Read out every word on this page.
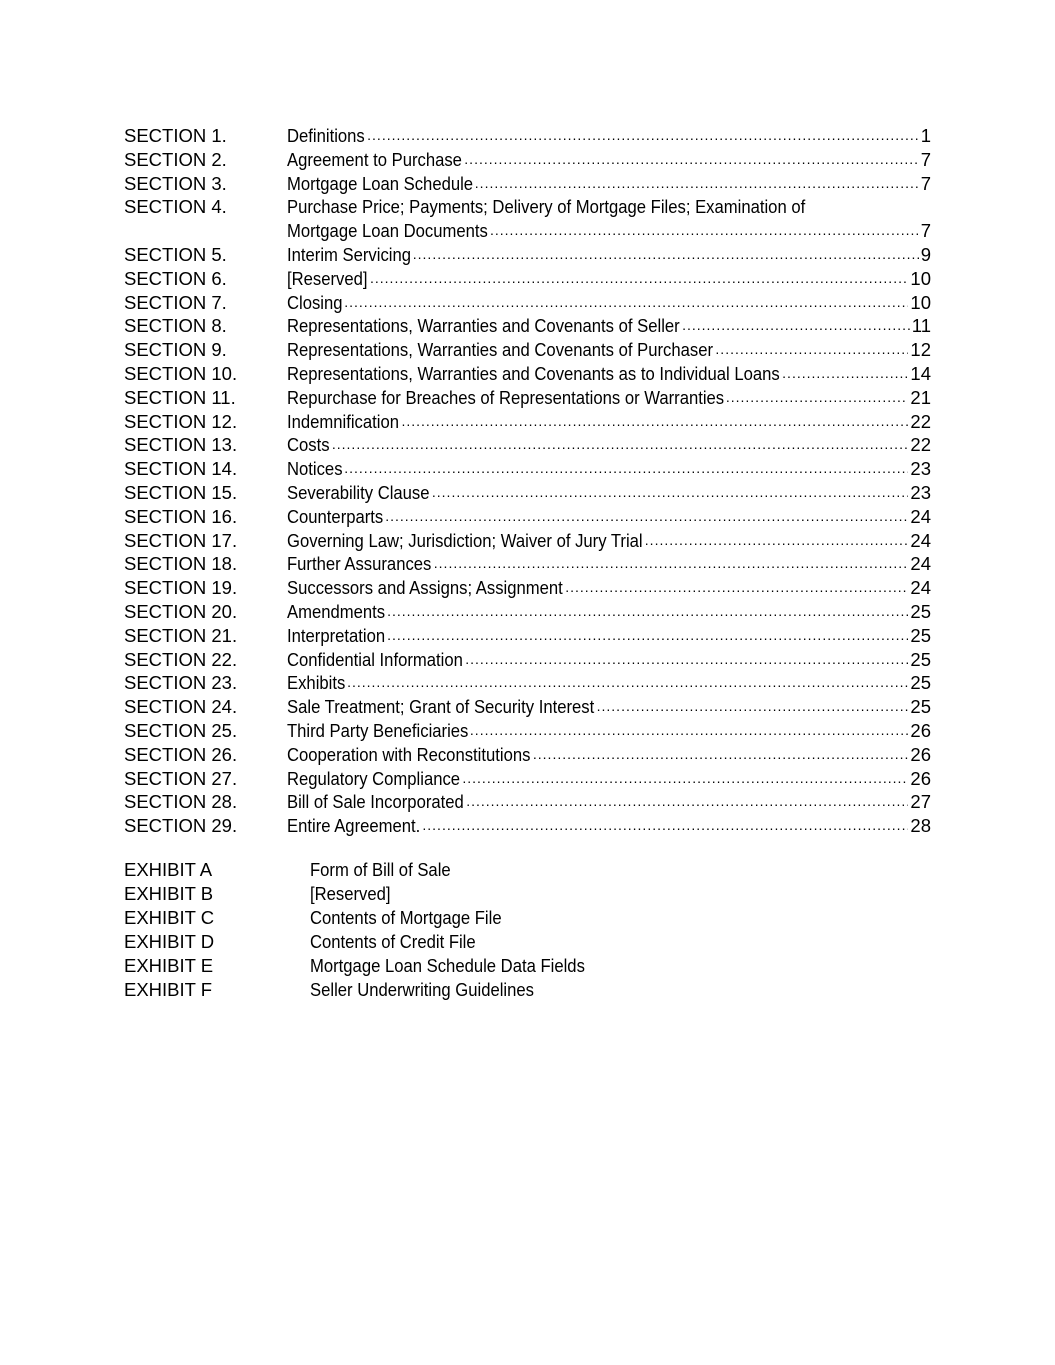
SECTION 1.	Definitions .....	1
SECTION 2.	Agreement to Purchase .....	7
SECTION 3.	Mortgage Loan Schedule .....	7
SECTION 4.	Purchase Price; Payments; Delivery of Mortgage Files; Examination of
Mortgage Loan Documents .....	7
SECTION 5.	Interim Servicing .....	9
SECTION 6.	[Reserved] .....	10
SECTION 7.	Closing .....	10
SECTION 8.	Representations, Warranties and Covenants of Seller .....	11
SECTION 9.	Representations, Warranties and Covenants of Purchaser .....	12
SECTION 10.	Representations, Warranties and Covenants as to Individual Loans .....	14
SECTION 11.	Repurchase for Breaches of Representations or Warranties .....	21
SECTION 12.	Indemnification .....	22
SECTION 13.	Costs .....	22
SECTION 14.	Notices .....	23
SECTION 15.	Severability Clause .....	23
SECTION 16.	Counterparts .....	24
SECTION 17.	Governing Law; Jurisdiction; Waiver of Jury Trial .....	24
SECTION 18.	Further Assurances .....	24
SECTION 19.	Successors and Assigns; Assignment .....	24
SECTION 20.	Amendments .....	25
SECTION 21.	Interpretation .....	25
SECTION 22.	Confidential Information .....	25
SECTION 23.	Exhibits .....	25
SECTION 24.	Sale Treatment; Grant of Security Interest .....	25
SECTION 25.	Third Party Beneficiaries .....	26
SECTION 26.	Cooperation with Reconstitutions .....	26
SECTION 27.	Regulatory Compliance .....	26
SECTION 28.	Bill of Sale Incorporated .....	27
SECTION 29.	Entire Agreement. .....	28
EXHIBIT A	Form of Bill of Sale
EXHIBIT B	[Reserved]
EXHIBIT C	Contents of Mortgage File
EXHIBIT D	Contents of Credit File
EXHIBIT E	Mortgage Loan Schedule Data Fields
EXHIBIT F	Seller Underwriting Guidelines
